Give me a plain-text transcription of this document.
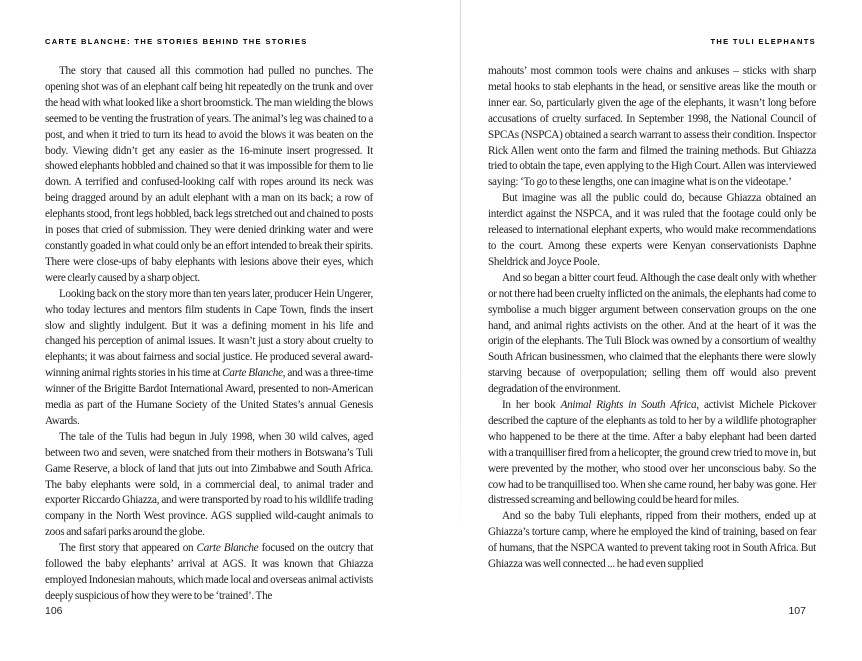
CARTE BLANCHE: THE STORIES BEHIND THE STORIES

The story that caused all this commotion had pulled no punches. The opening shot was of an elephant calf being hit repeatedly on the trunk and over the head with what looked like a short broomstick. The man wielding the blows seemed to be venting the frustration of years. The animal’s leg was chained to a post, and when it tried to turn its head to avoid the blows it was beaten on the body. Viewing didn’t get any easier as the 16-minute insert progressed. It showed elephants hobbled and chained so that it was impossible for them to lie down. A terrified and confused-looking calf with ropes around its neck was being dragged around by an adult elephant with a man on its back; a row of elephants stood, front legs hobbled, back legs stretched out and chained to posts in poses that cried of submission. They were denied drinking water and were constantly goaded in what could only be an effort intended to break their spirits. There were close-ups of baby elephants with lesions above their eyes, which were clearly caused by a sharp object.

Looking back on the story more than ten years later, producer Hein Ungerer, who today lectures and mentors film students in Cape Town, finds the insert slow and slightly indulgent. But it was a defining moment in his life and changed his perception of animal issues. It wasn’t just a story about cruelty to elephants; it was about fairness and social justice. He produced several award-winning animal rights stories in his time at Carte Blanche, and was a three-time winner of the Brigitte Bardot International Award, presented to non-American media as part of the Humane Society of the United States’s annual Genesis Awards.

The tale of the Tulis had begun in July 1998, when 30 wild calves, aged between two and seven, were snatched from their mothers in Botswana’s Tuli Game Reserve, a block of land that juts out into Zimbabwe and South Africa. The baby elephants were sold, in a commercial deal, to animal trader and exporter Riccardo Ghiazza, and were transported by road to his wildlife trading company in the North West province. AGS supplied wild-caught animals to zoos and safari parks around the globe.

The first story that appeared on Carte Blanche focused on the outcry that followed the baby elephants’ arrival at AGS. It was known that Ghiazza employed Indonesian mahouts, which made local and overseas animal activists deeply suspicious of how they were to be ‘trained’. The

106
THE TULI ELEPHANTS

mahouts’ most common tools were chains and ankuses – sticks with sharp metal hooks to stab elephants in the head, or sensitive areas like the mouth or inner ear. So, particularly given the age of the elephants, it wasn’t long before accusations of cruelty surfaced. In September 1998, the National Council of SPCAs (NSPCA) obtained a search warrant to assess their condition. Inspector Rick Allen went onto the farm and filmed the training methods. But Ghiazza tried to obtain the tape, even applying to the High Court. Allen was interviewed saying: ‘To go to these lengths, one can imagine what is on the videotape.’

But imagine was all the public could do, because Ghiazza obtained an interdict against the NSPCA, and it was ruled that the footage could only be released to international elephant experts, who would make recommendations to the court. Among these experts were Kenyan conservationists Daphne Sheldrick and Joyce Poole.

And so began a bitter court feud. Although the case dealt only with whether or not there had been cruelty inflicted on the animals, the elephants had come to symbolise a much bigger argument between conservation groups on the one hand, and animal rights activists on the other. And at the heart of it was the origin of the elephants. The Tuli Block was owned by a consortium of wealthy South African businessmen, who claimed that the elephants there were slowly starving because of overpopulation; selling them off would also prevent degradation of the environment.

In her book Animal Rights in South Africa, activist Michele Pickover described the capture of the elephants as told to her by a wildlife photographer who happened to be there at the time. After a baby elephant had been darted with a tranquilliser fired from a helicopter, the ground crew tried to move in, but were prevented by the mother, who stood over her unconscious baby. So the cow had to be tranquillised too. When she came round, her baby was gone. Her distressed screaming and bellowing could be heard for miles.

And so the baby Tuli elephants, ripped from their mothers, ended up at Ghiazza’s torture camp, where he employed the kind of training, based on fear of humans, that the NSPCA wanted to prevent taking root in South Africa. But Ghiazza was well connected ... he had even supplied

107
